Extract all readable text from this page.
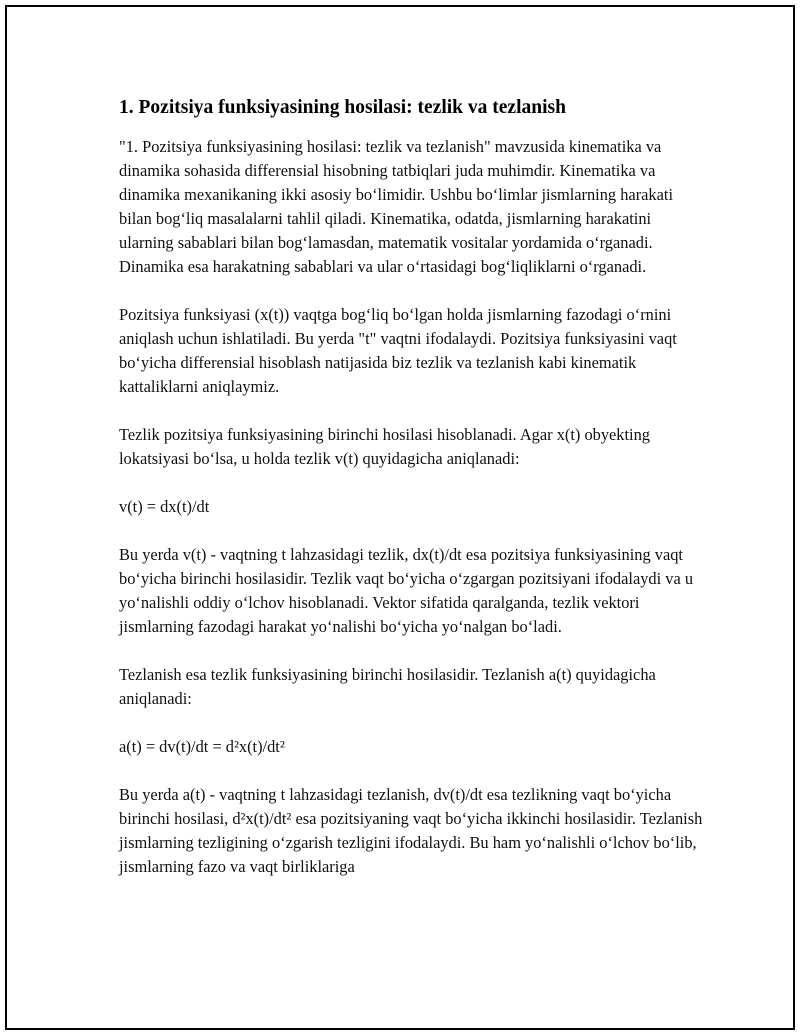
1. Pozitsiya funksiyasining hosilasi: tezlik va tezlanish

"1. Pozitsiya funksiyasining hosilasi: tezlik va tezlanish" mavzusida kinematika va dinamika sohasida differensial hisobning tatbiqlari juda muhimdir. Kinematika va dinamika mexanikaning ikki asosiy bo‘limidir. Ushbu bo‘limlar jismlarning harakati bilan bog‘liq masalalarni tahlil qiladi. Kinematika, odatda, jismlarning harakatini ularning sabablari bilan bog‘lamasdan, matematik vositalar yordamida o‘rganadi. Dinamika esa harakatning sabablari va ular o‘rtasidagi bog‘liqliklarni o‘rganadi.

Pozitsiya funksiyasi (x(t)) vaqtga bog‘liq bo‘lgan holda jismlarning fazodagi o‘rnini aniqlash uchun ishlatiladi. Bu yerda "t" vaqtni ifodalaydi. Pozitsiya funksiyasini vaqt bo‘yicha differensial hisoblash natijasida biz tezlik va tezlanish kabi kinematik kattaliklarni aniqlaymiz.

Tezlik pozitsiya funksiyasining birinchi hosilasi hisoblanadi. Agar x(t) obyekting lokatsiyasi bo‘lsa, u holda tezlik v(t) quyidagicha aniqlanadi:

v(t) = dx(t)/dt

Bu yerda v(t) - vaqtning t lahzasidagi tezlik, dx(t)/dt esa pozitsiya funksiyasining vaqt bo‘yicha birinchi hosilasidir. Tezlik vaqt bo‘yicha o‘zgargan pozitsiyani ifodalaydi va u yo‘nalishli oddiy o‘lchov hisoblanadi. Vektor sifatida qaralganda, tezlik vektori jismlarning fazodagi harakat yo‘nalishi bo‘yicha yo‘nalgan bo‘ladi.

Tezlanish esa tezlik funksiyasining birinchi hosilasidir. Tezlanish a(t) quyidagicha aniqlanadi:

a(t) = dv(t)/dt = d²x(t)/dt²

Bu yerda a(t) - vaqtning t lahzasidagi tezlanish, dv(t)/dt esa tezlikning vaqt bo‘yicha birinchi hosilasi, d²x(t)/dt² esa pozitsiyaning vaqt bo‘yicha ikkinchi hosilasidir. Tezlanish jismlarning tezligining o‘zgarish tezligini ifodalaydi. Bu ham yo‘nalishli o‘lchov bo‘lib, jismlarning fazo va vaqt birliklariga
